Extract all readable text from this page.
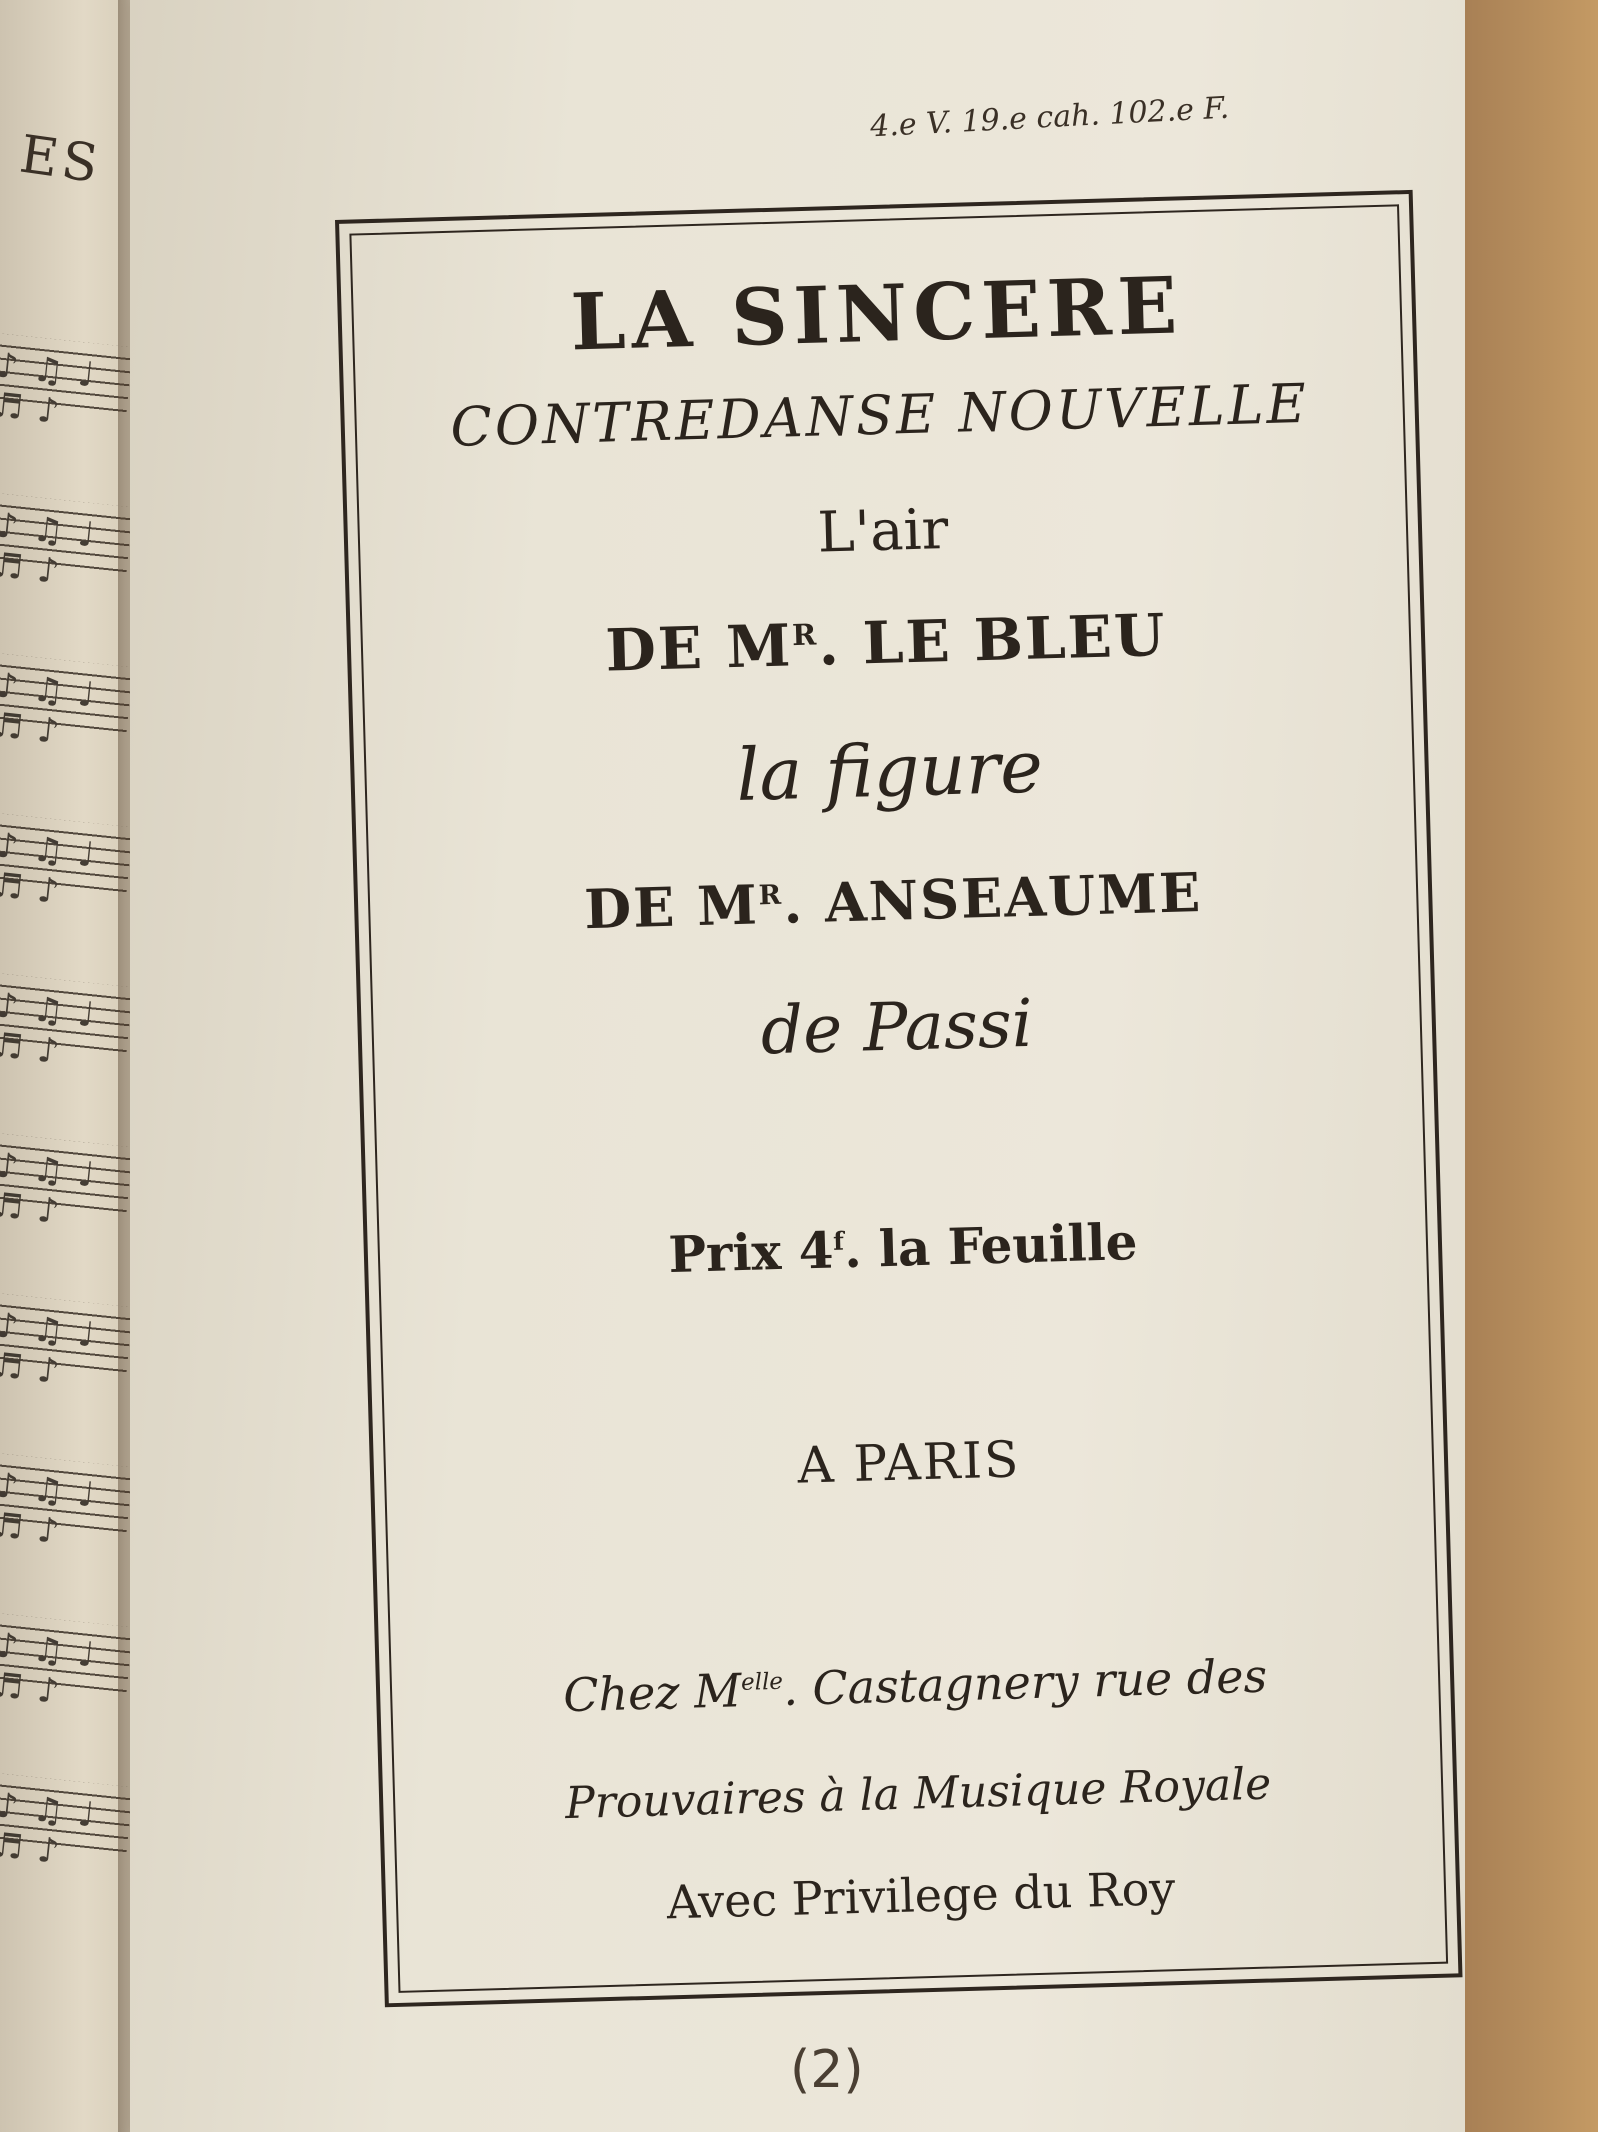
ES
♪ ♫ ♩ ♬ ♪
♪ ♫ ♩ ♬ ♪
♪ ♫ ♩ ♬ ♪
♪ ♫ ♩ ♬ ♪
♪ ♫ ♩ ♬ ♪
♪ ♫ ♩ ♬ ♪
♪ ♫ ♩ ♬ ♪
♪ ♫ ♩ ♬ ♪
♪ ♫ ♩ ♬ ♪
♪ ♫ ♩ ♬ ♪
4.e V. 19.e cah. 102.e F.
LA SINCERE
CONTREDANSE NOUVELLE
L'air
DE $M^R$. LE BLEU
la figure
DE $M^R$. ANSEAUME
de Passi
Prix 4$^f$. la Feuille
A PARIS
Chez $M^{elle}$. Castagnery rue des
Prouvaires à la Musique Royale
Avec Privilege du Roy
(2)
